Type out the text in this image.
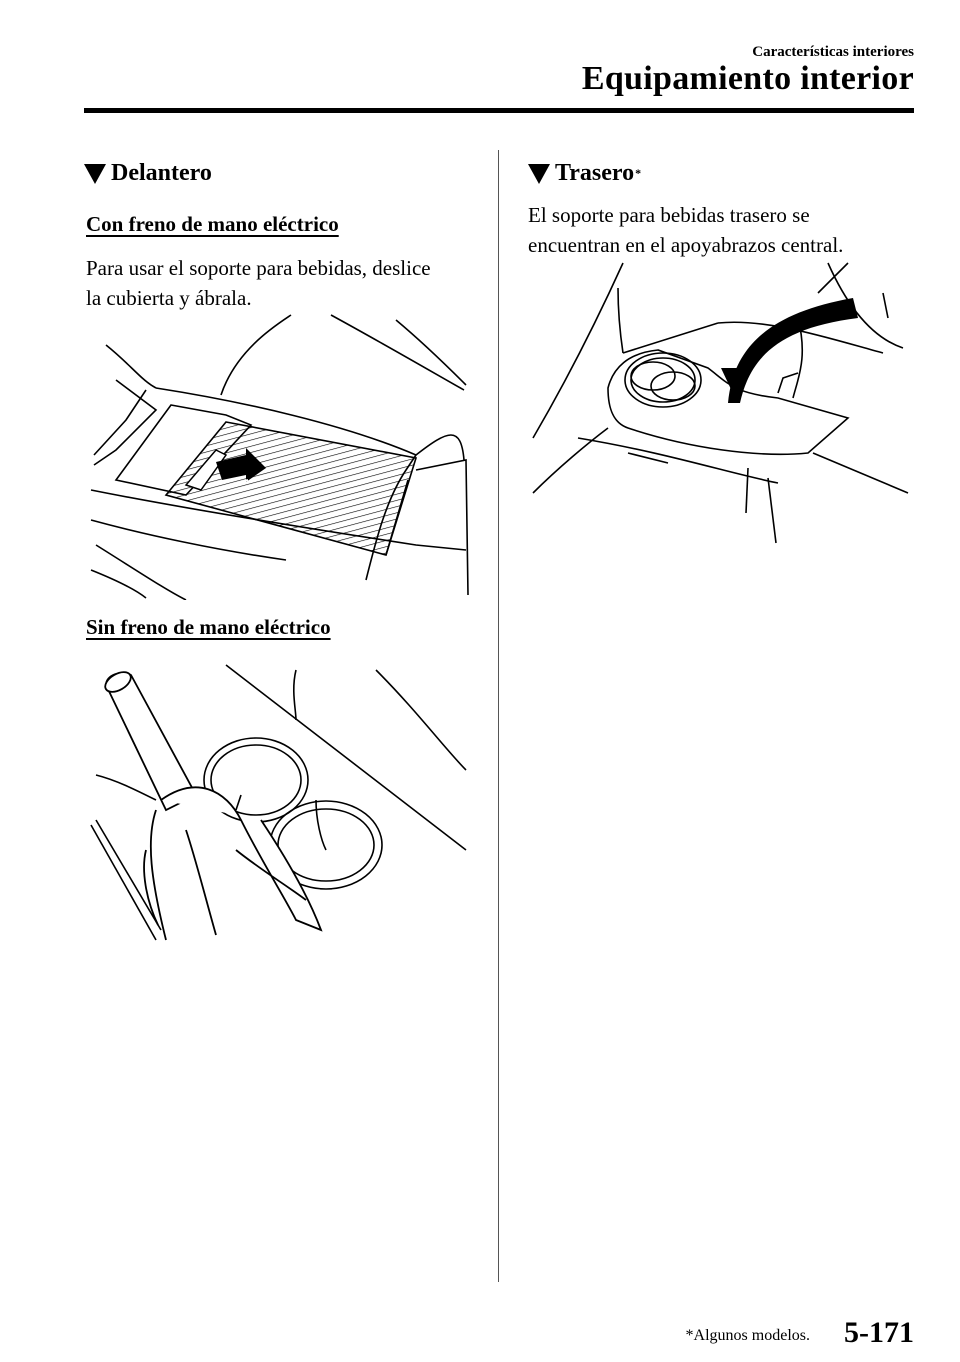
Características interiores
Equipamiento interior
Delantero
Con freno de mano eléctrico
Para usar el soporte para bebidas, deslice
la cubierta y ábrala.
Sin freno de mano eléctrico
Trasero *
El soporte para bebidas trasero se
encuentran en el apoyabrazos central.
*Algunos modelos. 5-171
